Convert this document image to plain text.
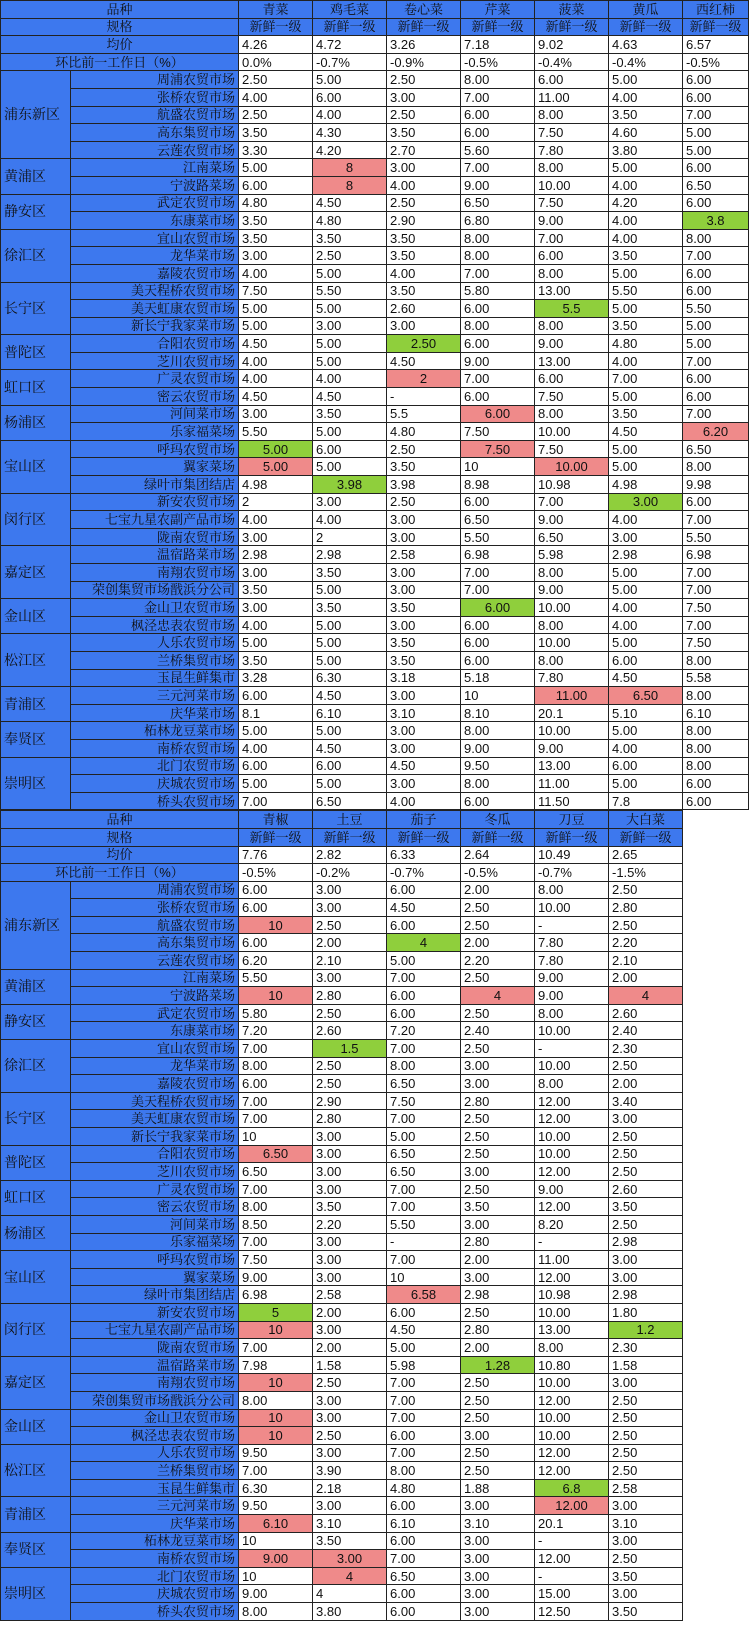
品种		青菜	鸡毛菜	卷心菜	芹菜	菠菜	黄瓜	西红柿
规格		新鲜一级	新鲜一级	新鲜一级	新鲜一级	新鲜一级	新鲜一级	新鲜一级
均价		4.26	4.72	3.26	7.18	9.02	4.63	6.57
环比前一工作日（%）		0.0%	-0.7%	-0.9%	-0.5%	-0.4%	-0.4%	-0.5%
浦东新区	周浦农贸市场	2.50	5.00	2.50	8.00	6.00	5.00	6.00
	张桥农贸市场	4.00	6.00	3.00	7.00	11.00	4.00	6.00
	航盛农贸市场	2.50	4.00	2.50	6.00	8.00	3.50	7.00
	高东集贸市场	3.50	4.30	3.50	6.00	7.50	4.60	5.00
	云莲农贸市场	3.30	4.20	2.70	5.60	7.80	3.80	5.00
黄浦区	江南菜场	5.00	8	3.00	7.00	8.00	5.00	6.00
	宁波路菜场	6.00	8	4.00	9.00	10.00	4.00	6.50
静安区	武定农贸市场	4.80	4.50	2.50	6.50	7.50	4.20	6.00
	东康菜市场	3.50	4.80	2.90	6.80	9.00	4.00	3.8
徐汇区	宜山农贸市场	3.50	3.50	3.50	8.00	7.00	4.00	8.00
	龙华菜市场	3.00	2.50	3.50	8.00	6.00	3.50	7.00
	嘉陵农贸市场	4.00	5.00	4.00	7.00	8.00	5.00	6.00
长宁区	美天程桥农贸市场	7.50	5.50	3.50	5.80	13.00	5.50	6.00
	美天虹康农贸市场	5.00	5.00	2.60	6.00	5.5	5.00	5.50
	新长宁我家菜市场	5.00	3.00	3.00	8.00	8.00	3.50	5.00
普陀区	合阳农贸市场	4.50	5.00	2.50	6.00	9.00	4.80	5.00
	芝川农贸市场	4.00	5.00	4.50	9.00	13.00	4.00	7.00
虹口区	广灵农贸市场	4.00	4.00	2	7.00	6.00	7.00	6.00
	密云农贸市场	4.50	4.50	-	6.00	7.50	5.00	6.00
杨浦区	河间菜市场	3.00	3.50	5.5	6.00	8.00	3.50	7.00
	乐家福菜场	5.50	5.00	4.80	7.50	10.00	4.50	6.20
宝山区	呼玛农贸市场	5.00	6.00	2.50	7.50	7.50	5.00	6.50
	翼家菜场	5.00	5.00	3.50	10	10.00	5.00	8.00
	绿叶市集团结店	4.98	3.98	3.98	8.98	10.98	4.98	9.98
闵行区	新安农贸市场	2	3.00	2.50	6.00	7.00	3.00	6.00
	七宝九星农副产品市场	4.00	4.00	3.00	6.50	9.00	4.00	7.00
	陇南农贸市场	3.00	2	3.00	5.50	6.50	3.00	5.50
嘉定区	温宿路菜市场	2.98	2.98	2.58	6.98	5.98	2.98	6.98
	南翔农贸市场	3.00	3.50	3.00	7.00	8.00	5.00	7.00
	荣创集贸市场戬浜分公司	3.50	5.00	3.00	7.00	9.00	5.00	7.00
金山区	金山卫农贸市场	3.00	3.50	3.50	6.00	10.00	4.00	7.50
	枫泾忠表农贸市场	4.00	5.00	3.00	6.00	8.00	4.00	7.00
松江区	人乐农贸市场	5.00	5.00	3.50	6.00	10.00	5.00	7.50
	兰桥集贸市场	3.50	5.00	3.50	6.00	8.00	6.00	8.00
	玉昆生鲜集市	3.28	6.30	3.18	5.18	7.80	4.50	5.58
青浦区	三元河菜市场	6.00	4.50	3.00	10	11.00	6.50	8.00
	庆华菜市场	8.1	6.10	3.10	8.10	20.1	5.10	6.10
奉贤区	柘林龙豆菜市场	5.00	5.00	3.00	8.00	10.00	5.00	8.00
	南桥农贸市场	4.00	4.50	3.00	9.00	9.00	4.00	8.00
崇明区	北门农贸市场	6.00	6.00	4.50	9.50	13.00	6.00	8.00
	庆城农贸市场	5.00	5.00	3.00	8.00	11.00	5.00	6.00
	桥头农贸市场	7.00	6.50	4.00	6.00	11.50	7.8	6.00
品种		青椒	土豆	茄子	冬瓜	刀豆	大白菜
规格		新鲜一级	新鲜一级	新鲜一级	新鲜一级	新鲜一级	新鲜一级
均价		7.76	2.82	6.33	2.64	10.49	2.65
环比前一工作日（%）		-0.5%	-0.2%	-0.7%	-0.5%	-0.7%	-1.5%
浦东新区	周浦农贸市场	6.00	3.00	6.00	2.00	8.00	2.50
	张桥农贸市场	6.00	3.00	4.50	2.50	10.00	2.80
	航盛农贸市场	10	2.50	6.00	2.50	-	2.50
	高东集贸市场	6.00	2.00	4	2.00	7.80	2.20
	云莲农贸市场	6.20	2.10	5.00	2.20	7.80	2.10
黄浦区	江南菜场	5.50	3.00	7.00	2.50	9.00	2.00
	宁波路菜场	10	2.80	6.00	4	9.00	4
静安区	武定农贸市场	5.80	2.50	6.00	2.50	8.00	2.60
	东康菜市场	7.20	2.60	7.20	2.40	10.00	2.40
徐汇区	宜山农贸市场	7.00	1.5	7.00	2.50	-	2.30
	龙华菜市场	8.00	2.50	8.00	3.00	10.00	2.50
	嘉陵农贸市场	6.00	2.50	6.50	3.00	8.00	2.00
长宁区	美天程桥农贸市场	7.00	2.90	7.50	2.80	12.00	3.40
	美天虹康农贸市场	7.00	2.80	7.00	2.50	12.00	3.00
	新长宁我家菜市场	10	3.00	5.00	2.50	10.00	2.50
普陀区	合阳农贸市场	6.50	3.00	6.50	2.50	10.00	2.50
	芝川农贸市场	6.50	3.00	6.50	3.00	12.00	2.50
虹口区	广灵农贸市场	7.00	3.00	7.00	2.50	9.00	2.60
	密云农贸市场	8.00	3.50	7.00	3.50	12.00	3.50
杨浦区	河间菜市场	8.50	2.20	5.50	3.00	8.20	2.50
	乐家福菜场	7.00	3.00	-	2.80	-	2.98
宝山区	呼玛农贸市场	7.50	3.00	7.00	2.00	11.00	3.00
	翼家菜场	9.00	3.00	10	3.00	12.00	3.00
	绿叶市集团结店	6.98	2.58	6.58	2.98	10.98	2.98
闵行区	新安农贸市场	5	2.00	6.00	2.50	10.00	1.80
	七宝九星农副产品市场	10	3.00	4.50	2.80	13.00	1.2
	陇南农贸市场	7.00	2.00	5.00	2.00	8.00	2.30
嘉定区	温宿路菜市场	7.98	1.58	5.98	1.28	10.80	1.58
	南翔农贸市场	10	2.50	7.00	2.50	10.00	3.00
	荣创集贸市场戬浜分公司	8.00	3.00	7.00	2.50	12.00	2.50
金山区	金山卫农贸市场	10	3.00	7.00	2.50	10.00	2.50
	枫泾忠表农贸市场	10	2.50	6.00	3.00	10.00	2.50
松江区	人乐农贸市场	9.50	3.00	7.00	2.50	12.00	2.50
	兰桥集贸市场	7.00	3.90	8.00	2.50	12.00	2.50
	玉昆生鲜集市	6.30	2.18	4.80	1.88	6.8	2.58
青浦区	三元河菜市场	9.50	3.00	6.00	3.00	12.00	3.00
	庆华菜市场	6.10	3.10	6.10	3.10	20.1	3.10
奉贤区	柘林龙豆菜市场	10	3.50	6.00	3.00	-	3.00
	南桥农贸市场	9.00	3.00	7.00	3.00	12.00	2.50
崇明区	北门农贸市场	10	4	6.50	3.00	-	3.50
	庆城农贸市场	9.00	4	6.00	3.00	15.00	3.00
	桥头农贸市场	8.00	3.80	6.00	3.00	12.50	3.50
